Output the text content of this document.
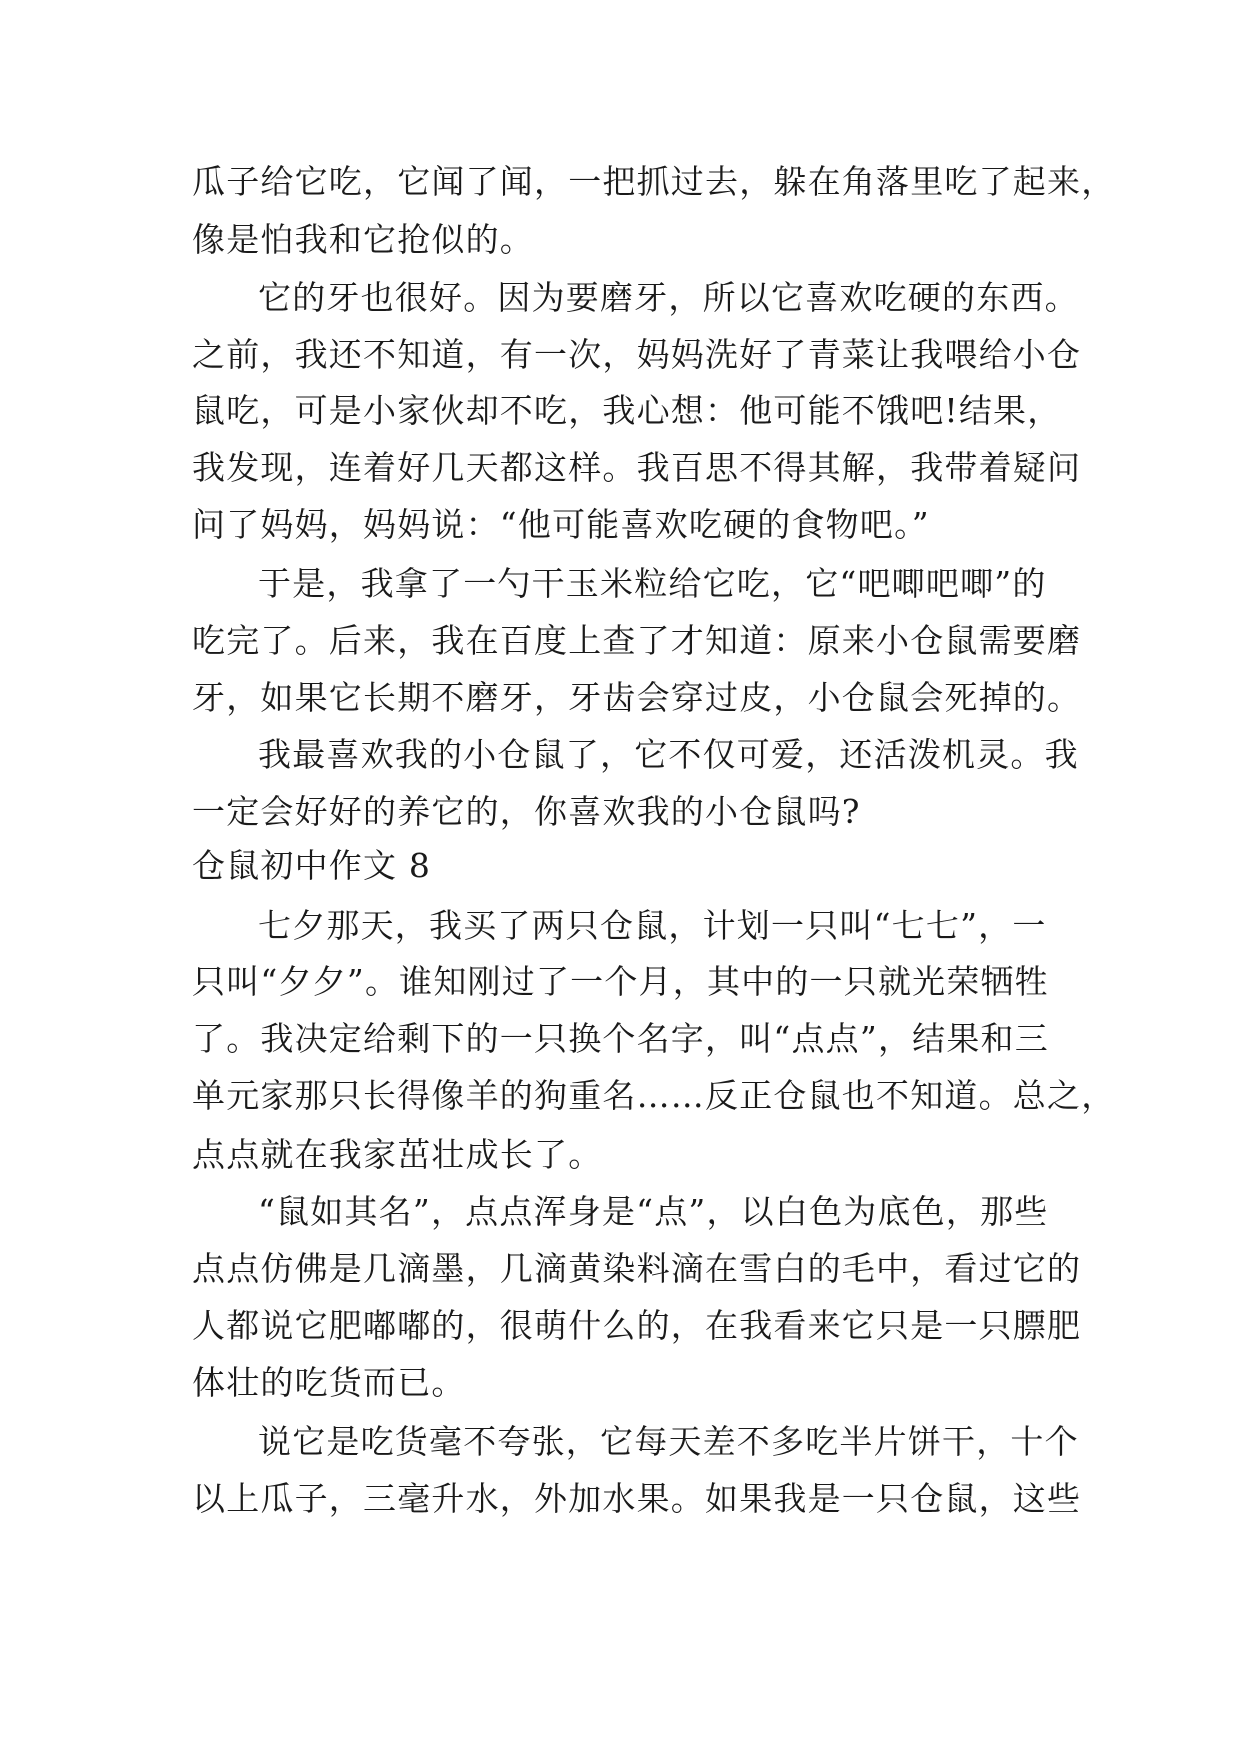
瓜子给它吃，它闻了闻，一把抓过去，躲在角落里吃了起来，
像是怕我和它抢似的。
它的牙也很好。因为要磨牙，所以它喜欢吃硬的东西。
之前，我还不知道，有一次，妈妈洗好了青菜让我喂给小仓
鼠吃，可是小家伙却不吃，我心想：他可能不饿吧!结果，
我发现，连着好几天都这样。我百思不得其解，我带着疑问
问了妈妈，妈妈说：“他可能喜欢吃硬的食物吧。”
于是，我拿了一勺干玉米粒给它吃，它“吧唧吧唧”的
吃完了。后来，我在百度上查了才知道：原来小仓鼠需要磨
牙，如果它长期不磨牙，牙齿会穿过皮，小仓鼠会死掉的。
我最喜欢我的小仓鼠了，它不仅可爱，还活泼机灵。我
一定会好好的养它的，你喜欢我的小仓鼠吗?
仓鼠初中作文 8
七夕那天，我买了两只仓鼠，计划一只叫“七七”，一
只叫“夕夕”。谁知刚过了一个月，其中的一只就光荣牺牲
了。我决定给剩下的一只换个名字，叫“点点”，结果和三
单元家那只长得像羊的狗重名……反正仓鼠也不知道。总之，
点点就在我家茁壮成长了。
“鼠如其名”，点点浑身是“点”，以白色为底色，那些
点点仿佛是几滴墨，几滴黄染料滴在雪白的毛中，看过它的
人都说它肥嘟嘟的，很萌什么的，在我看来它只是一只膘肥
体壮的吃货而已。
说它是吃货毫不夸张，它每天差不多吃半片饼干，十个
以上瓜子，三毫升水，外加水果。如果我是一只仓鼠，这些
